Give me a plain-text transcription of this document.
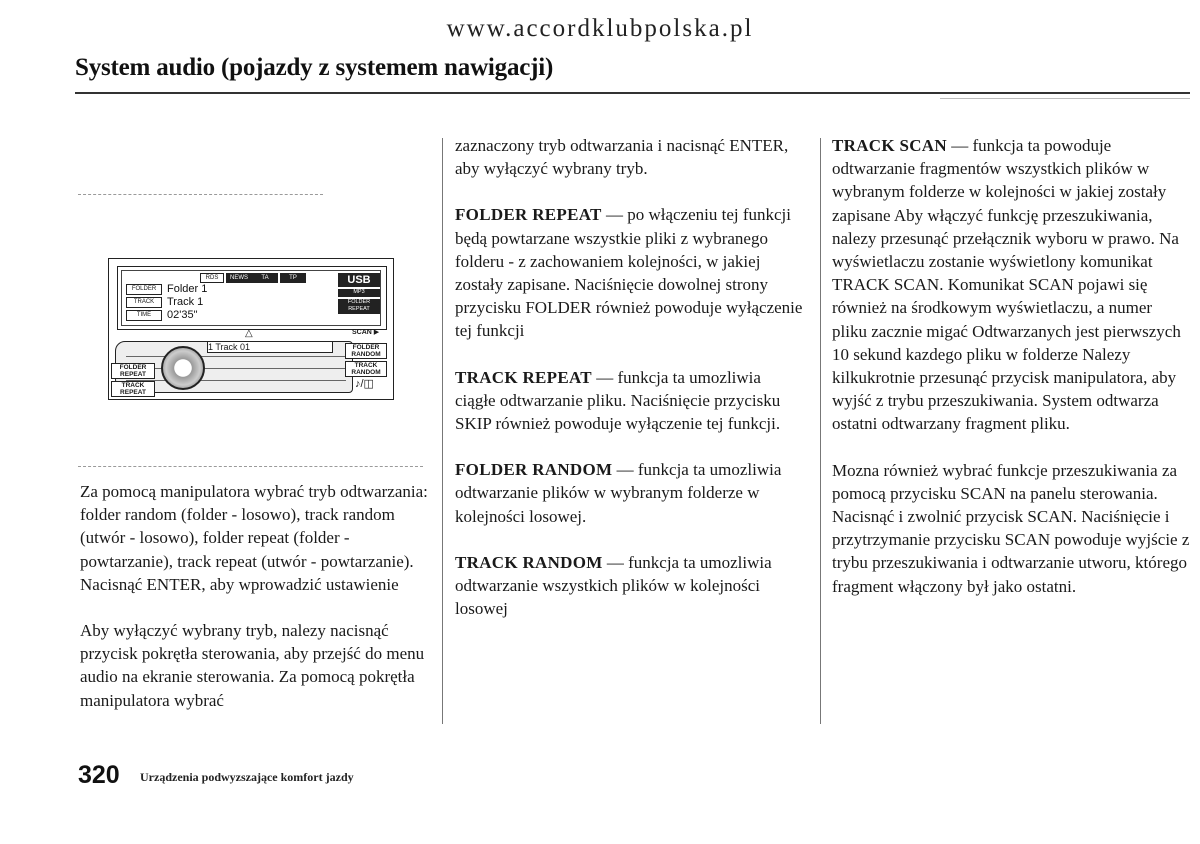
www.accordklubpolska.pl
System audio (pojazdy z systemem nawigacji)
RDS	NEWS	TA	TP
FOLDER Folder 1
TRACK	Track 1
TIME	02'35"
USB
MP3
FOLDER REPEAT
△	SCAN ▶
1 Track 01	FOLDER RANDOM
TRACK RANDOM
FOLDER REPEAT
TRACK REPEAT
♪/◫

Za pomocą manipulatora wybrać tryb odtwarzania: folder random (folder - losowo), track random (utwór - losowo), folder repeat (folder - powtarzanie), track repeat (utwór - powtarzanie). Nacisnąć ENTER, aby wprowadzić ustawienie

Aby wyłączyć wybrany tryb, nalezy nacisnąć przycisk pokrętła sterowania, aby przejść do menu audio na ekranie sterowania. Za pomocą pokrętła manipulatora wybrać

zaznaczony tryb odtwarzania i nacisnąć ENTER, aby wyłączyć wybrany tryb.

FOLDER REPEAT — po włączeniu tej funkcji będą powtarzane wszystkie pliki z wybranego folderu - z zachowaniem kolejności, w jakiej zostały zapisane. Naciśnięcie dowolnej strony przycisku FOLDER również powoduje wyłączenie tej funkcji

TRACK REPEAT — funkcja ta umozliwia ciągłe odtwarzanie pliku. Naciśnięcie przycisku SKIP również powoduje wyłączenie tej funkcji.

FOLDER RANDOM — funkcja ta umozliwia odtwarzanie plików w wybranym folderze w kolejności losowej.

TRACK RANDOM — funkcja ta umozliwia odtwarzanie wszystkich plików w kolejności losowej

TRACK SCAN — funkcja ta powoduje odtwarzanie fragmentów wszystkich plików w wybranym folderze w kolejności w jakiej zostały zapisane Aby włączyć funkcję przeszukiwania, nalezy przesunąć przełącznik wyboru w prawo. Na wyświetlaczu zostanie wyświetlony komunikat TRACK SCAN. Komunikat SCAN pojawi się również na środkowym wyświetlaczu, a numer pliku zacznie migać Odtwarzanych jest pierwszych 10 sekund kazdego pliku w folderze Nalezy kilkukrotnie przesunąć przycisk manipulatora, aby wyjść z trybu przeszukiwania. System odtwarza ostatni odtwarzany fragment pliku.

Mozna również wybrać funkcje przeszukiwania za pomocą przycisku SCAN na panelu sterowania.

Nacisnąć i zwolnić przycisk SCAN. Naciśnięcie i przytrzymanie przycisku SCAN powoduje wyjście z trybu przeszukiwania i odtwarzanie utworu, którego fragment włączony był jako ostatni.

320 Urządzenia podwyzszające komfort jazdy
